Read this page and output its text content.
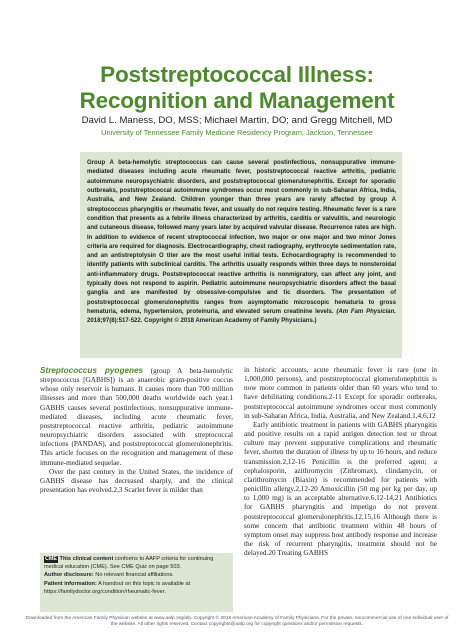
Poststreptococcal Illness:
Recognition and Management
David L. Maness, DO, MSS; Michael Martin, DO; and Gregg Mitchell, MD
University of Tennessee Family Medicine Residency Program, Jackson, Tennessee
Group A beta-hemolytic streptococcus can cause several postinfectious, nonsuppurative immune-mediated diseases including acute rheumatic fever, poststreptococcal reactive arthritis, pediatric autoimmune neuropsychiatric disorders, and poststreptococcal glomerulonephritis. Except for sporadic outbreaks, poststreptococcal autoimmune syndromes occur most commonly in sub-Saharan Africa, India, Australia, and New Zealand. Children younger than three years are rarely affected by group A streptococcus pharyngitis or rheumatic fever, and usually do not require testing. Rheumatic fever is a rare condition that presents as a febrile illness characterized by arthritis, carditis or valvulitis, and neurologic and cutaneous disease, followed many years later by acquired valvular disease. Recurrence rates are high. In addition to evidence of recent streptococcal infection, two major or one major and two minor Jones criteria are required for diagnosis. Electrocardiography, chest radiography, erythrocyte sedimentation rate, and an antistreptolysin O titer are the most useful initial tests. Echocardiography is recommended to identify patients with subclinical carditis. The arthritis usually responds within three days to nonsteroidal anti-inflammatory drugs. Poststreptococcal reactive arthritis is nonmigratory, can affect any joint, and typically does not respond to aspirin. Pediatric autoimmune neuropsychiatric disorders affect the basal ganglia and are manifested by obsessive-compulsive and tic disorders. The presentation of poststreptococcal glomerulonephritis ranges from asymptomatic microscopic hematuria to gross hematuria, edema, hypertension, proteinuria, and elevated serum creatinine levels. (Am Fam Physician. 2018;97(8):517-522. Copyright © 2018 American Academy of Family Physicians.)

Streptococcus pyogenes (group A beta-hemolytic streptococcus [GABHS]) is an anaerobic gram-positive coccus whose only reservoir is humans. It causes more than 700 million illnesses and more than 500,000 deaths worldwide each year.1 GABHS causes several postinfectious, nonsuppurative immune-mediated diseases, including acute rheumatic fever, poststreptococcal reactive arthritis, pediatric autoimmune neuropsychiatric disorders associated with streptococcal infections (PANDAS), and poststreptococcal glomerulonephritis. This article focuses on the recognition and management of these immune-mediated sequelae.

Over the past century in the United States, the incidence of GABHS disease has decreased sharply, and the clinical presentation has evolved.2,3 Scarlet fever is milder than

CME This clinical content conforms to AAFP criteria for continuing medical education (CME). See CME Quiz on page 503.

Author disclosure: No relevant financial affiliations.

Patient information: A handout on this topic is available at https://familydoctor.org/condition/rheumatic-fever.

in historic accounts, acute rheumatic fever is rare (one in 1,000,000 persons), and poststreptococcal glomerulonephritis is now more common in patients older than 60 years who tend to have debilitating conditions.2-11 Except for sporadic outbreaks, poststreptococcal autoimmune syndromes occur most commonly in sub-Saharan Africa, India, Australia, and New Zealand.1,4,6,12

Early antibiotic treatment in patients with GABHS pharyngitis and positive results on a rapid antigen detection test or throat culture may prevent suppurative complications and rheumatic fever, shorten the duration of illness by up to 16 hours, and reduce transmission.2,12-16 Penicillin is the preferred agent; a cephalosporin, azithromycin (Zithromax), clindamycin, or clarithromycin (Biaxin) is recommended for patients with penicillin allergy.2,12-20 Amoxicillin (50 mg per kg per day, up to 1,000 mg) is an acceptable alternative.6,12-14,21 Antibiotics for GABHS pharyngitis and impetigo do not prevent poststreptococcal glomerulonephritis.12,15,16 Although there is some concern that antibiotic treatment within 48 hours of symptom onset may suppress host antibody response and increase the risk of recurrent pharyngitis, treatment should not be delayed.20 Treating GABHS

Downloaded from the American Family Physician website at www.aafp.org/afp. Copyright © 2018 American Academy of Family Physicians. For the private, noncommercial use of one individual user of the website. All other rights reserved. Contact copyrights@aafp.org for copyright questions and/or permission requests.
